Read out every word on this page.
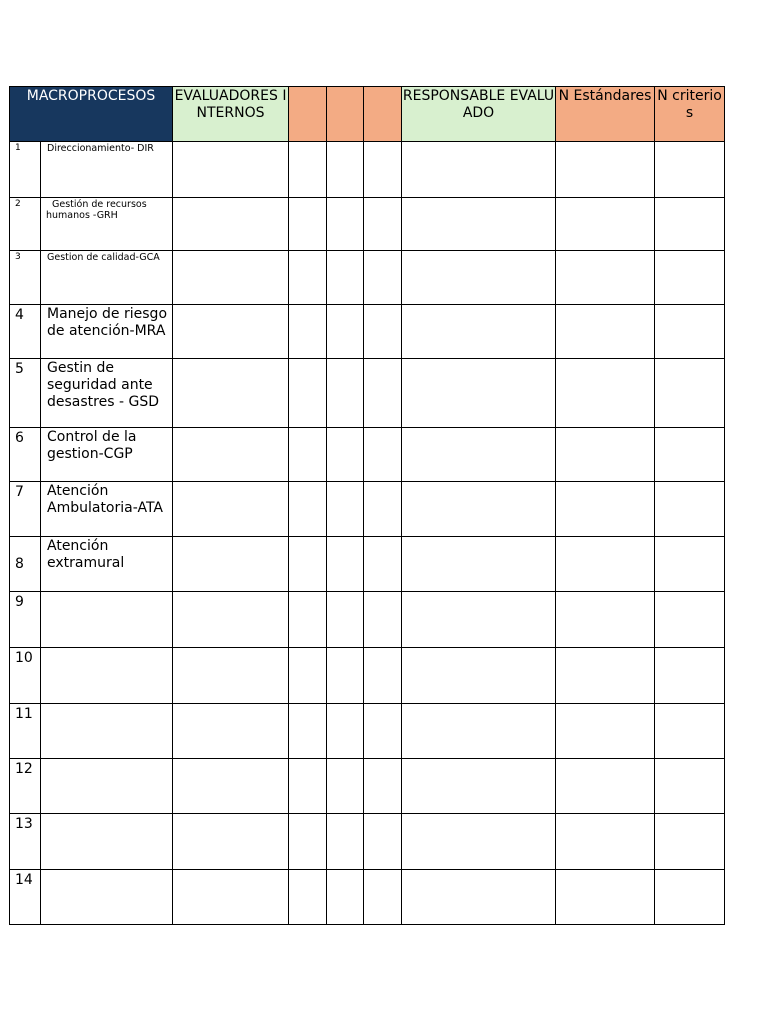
MACROPROCESOS		EVALUADORES INTERNOS				RESPONSABLE EVALUADO	N Estándares	N criterios
1	Direccionamiento- DIR							
2	Gestión de recursos humanos -GRH							
3	Gestion de calidad-GCA							
4	Manejo de riesgo de atención-MRA							
5	Gestin de seguridad ante desastres - GSD							
6	Control de la gestion-CGP							
7	Atención Ambulatoria-ATA							
8	Atención extramural							
9								
10								
11								
12								
13								
14								
